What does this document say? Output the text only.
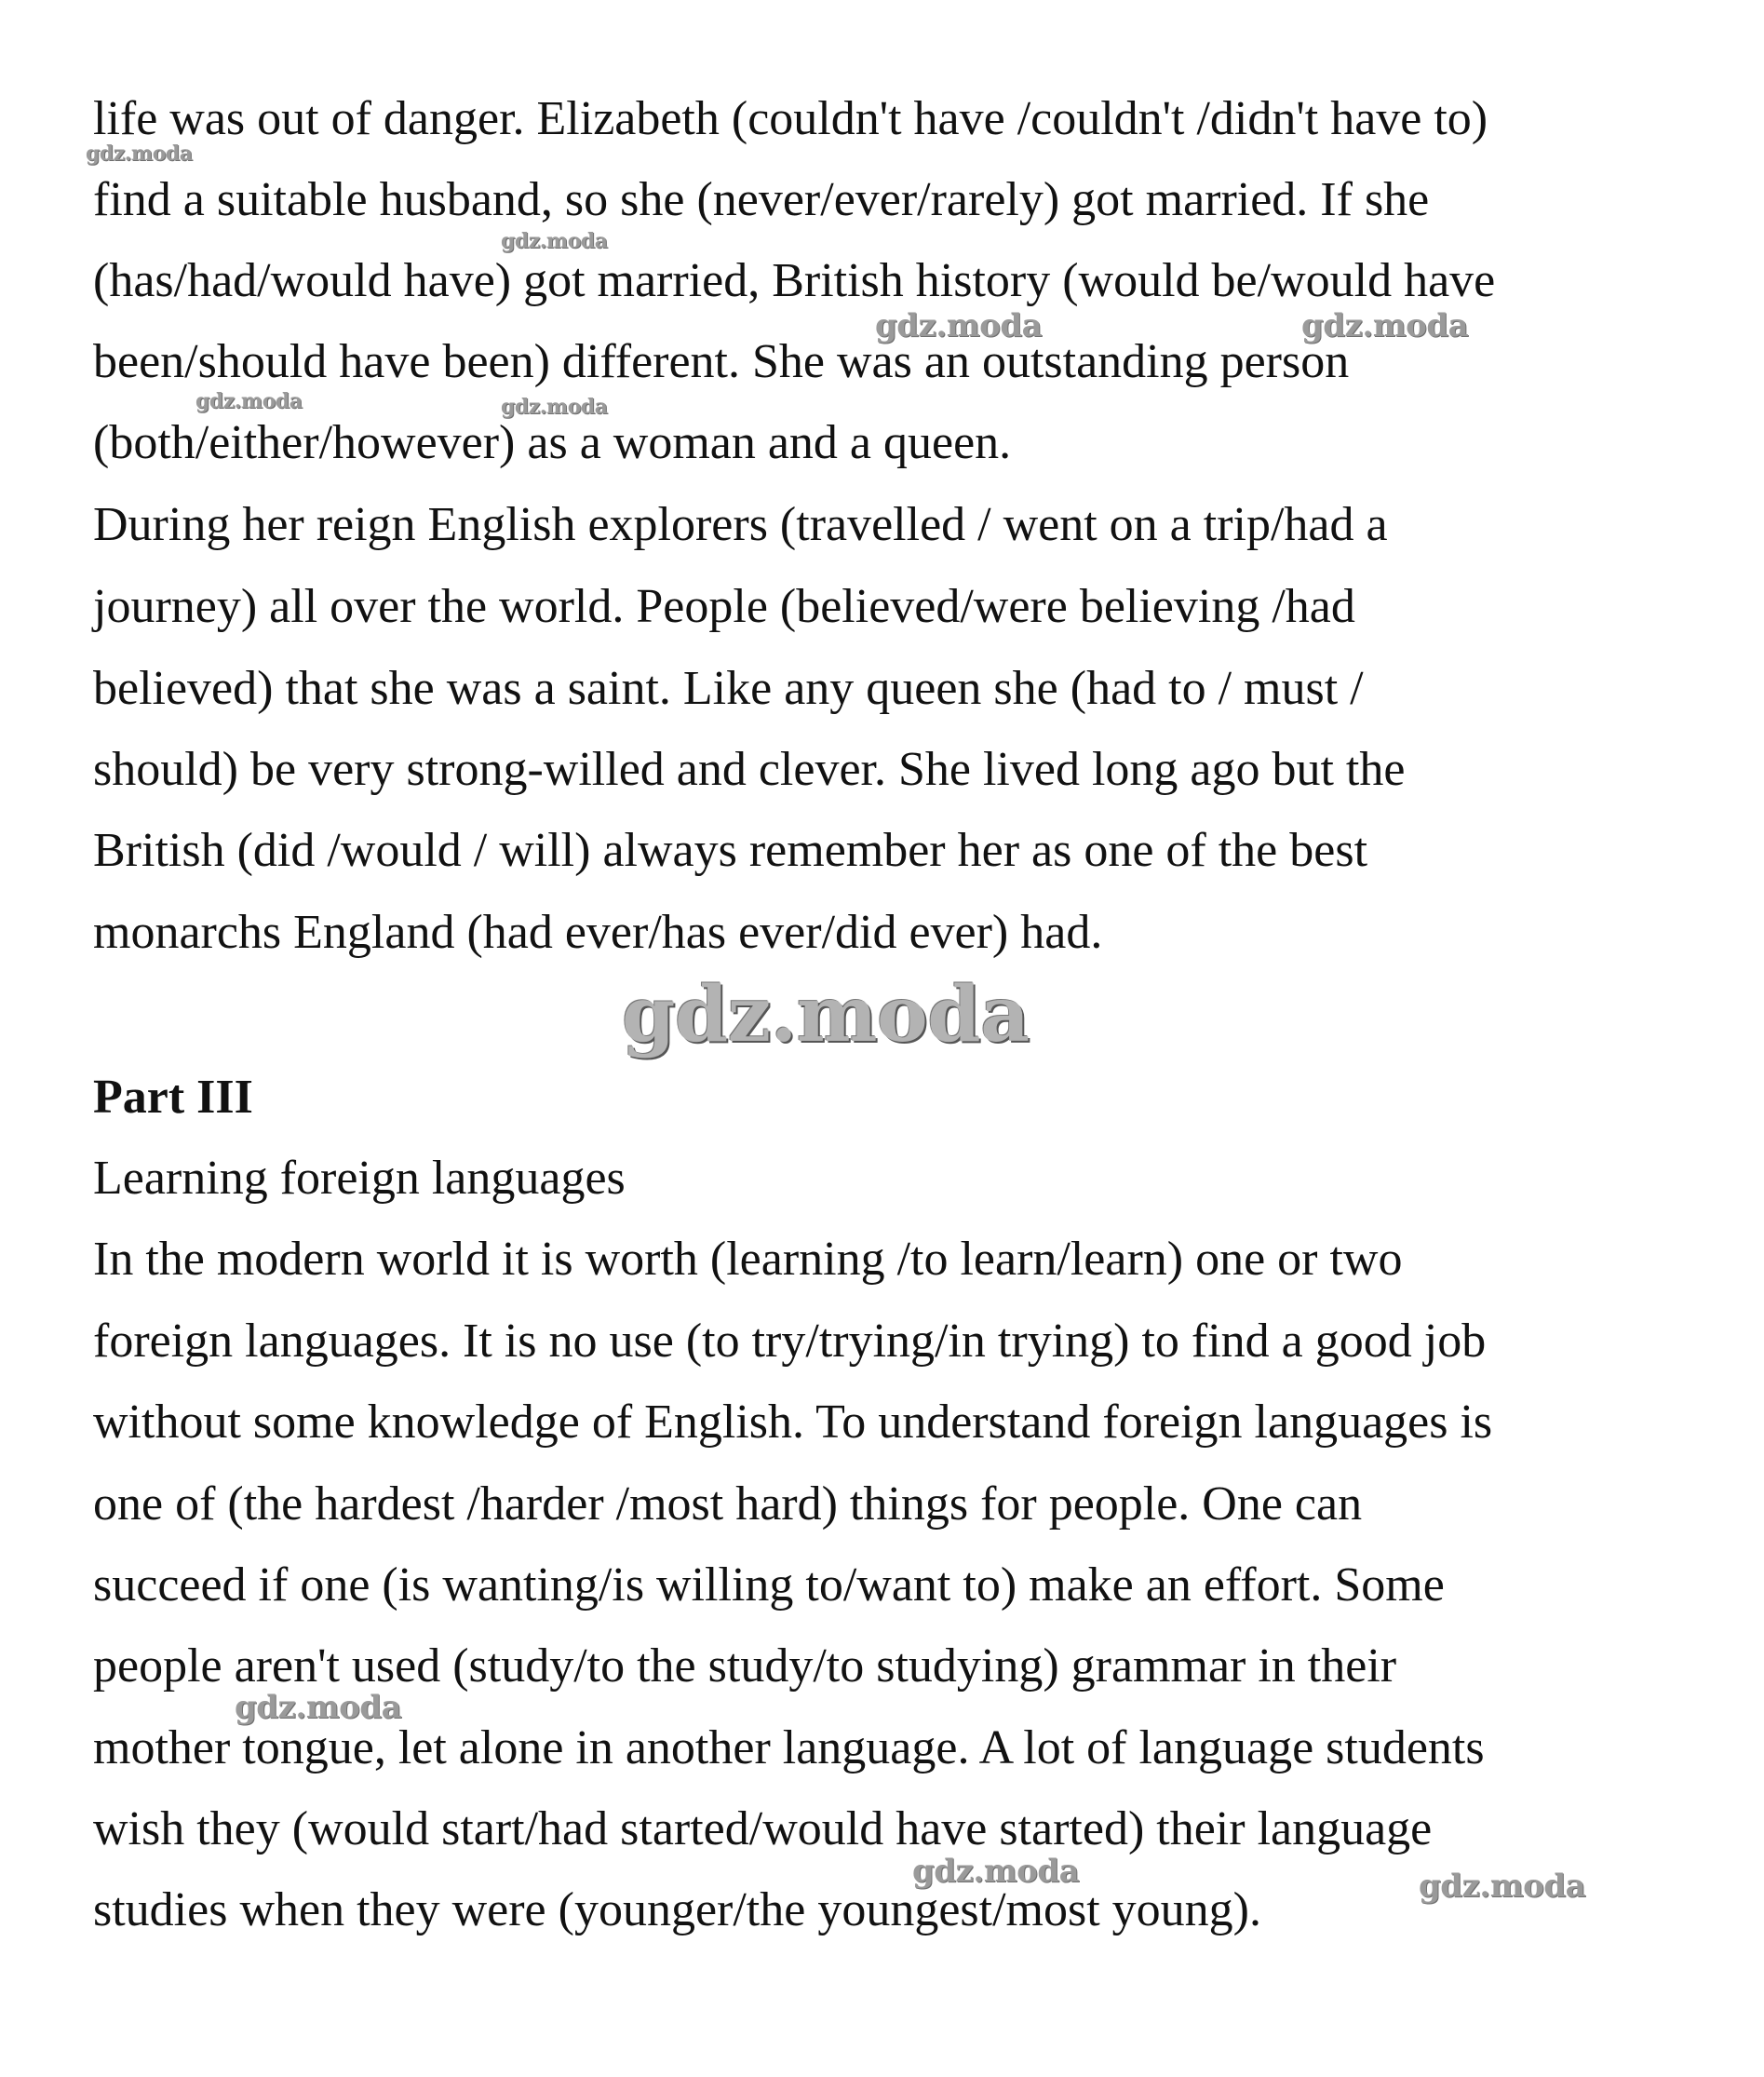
life was out of danger. Elizabeth (couldn't have /couldn't /didn't have to)
find a suitable husband, so she (never/ever/rarely) got married. If she
(has/had/would have) got married, British history (would be/would have
been/should have been) different. She was an outstanding person
(both/either/however) as a woman and a queen.
During her reign English explorers (travelled / went on a trip/had a
journey) all over the world. People (believed/were believing /had
believed) that she was a saint. Like any queen she (had to / must /
should) be very strong-willed and clever. She lived long ago but the
British (did /would / will) always remember her as one of the best
monarchs England (had ever/has ever/did ever) had.
Part III
Learning foreign languages
In the modern world it is worth (learning /to learn/learn) one or two
foreign languages. It is no use (to try/trying/in trying) to find a good job
without some knowledge of English. To understand foreign languages is
one of (the hardest /harder /most hard) things for people. One can
succeed if one (is wanting/is willing to/want to) make an effort. Some
people aren't used (study/to the study/to studying) grammar in their
mother tongue, let alone in another language. A lot of language students
wish they (would start/had started/would have started) their language
studies when they were (younger/the youngest/most young).
gdz.moda
gdz.moda
gdz.moda	gdz.moda
gdz.moda	gdz.moda
gdz.moda
gdz.moda
gdz.moda	gdz.moda
